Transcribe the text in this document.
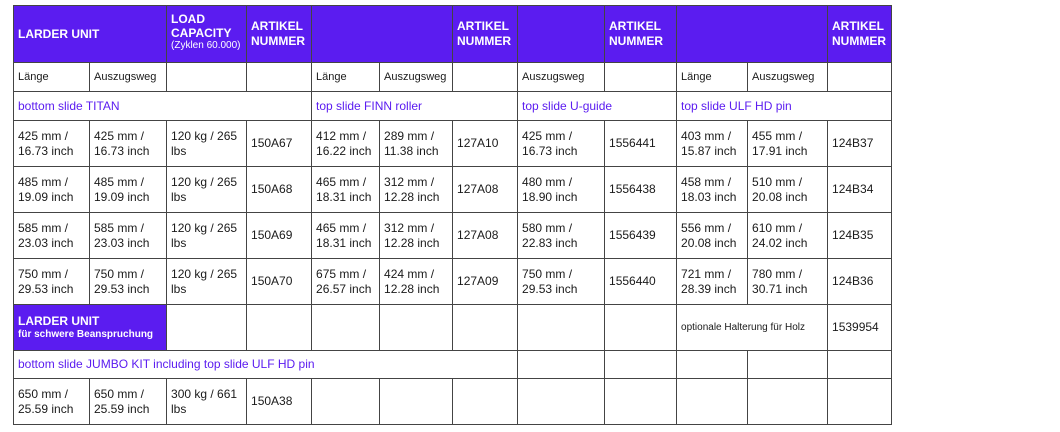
LARDER UNIT		LOAD CAPACITY
(Zyklen 60.000)	ARTIKEL NUMMER			ARTIKEL NUMMER		ARTIKEL NUMMER			ARTIKEL NUMMER
Länge	Auszugsweg			Länge	Auszugsweg		Auszugsweg		Länge	Auszugsweg	
bottom slide TITAN				top slide FINN roller			top slide U-guide		top slide ULF HD pin		
425 mm / 16.73 inch	425 mm / 16.73 inch	120 kg / 265 lbs	150A67	412 mm / 16.22 inch	289 mm / 11.38 inch	127A10	425 mm / 16.73 inch	1556441	403 mm / 15.87 inch	455 mm / 17.91 inch	124B37
485 mm / 19.09 inch	485 mm / 19.09 inch	120 kg / 265 lbs	150A68	465 mm / 18.31 inch	312 mm / 12.28 inch	127A08	480 mm / 18.90 inch	1556438	458 mm / 18.03 inch	510 mm / 20.08 inch	124B34
585 mm / 23.03 inch	585 mm / 23.03 inch	120 kg / 265 lbs	150A69	465 mm / 18.31 inch	312 mm / 12.28 inch	127A08	580 mm / 22.83 inch	1556439	556 mm / 20.08 inch	610 mm / 24.02 inch	124B35
750 mm / 29.53 inch	750 mm / 29.53 inch	120 kg / 265 lbs	150A70	675 mm / 26.57 inch	424 mm / 12.28 inch	127A09	750 mm / 29.53 inch	1556440	721 mm / 28.39 inch	780 mm / 30.71 inch	124B36
LARDER UNIT
für schwere Beanspruchung									optionale Halterung für Holz		1539954
bottom slide JUMBO KIT including top slide ULF HD pin											
650 mm / 25.59 inch	650 mm / 25.59 inch	300 kg / 661 lbs	150A38								
